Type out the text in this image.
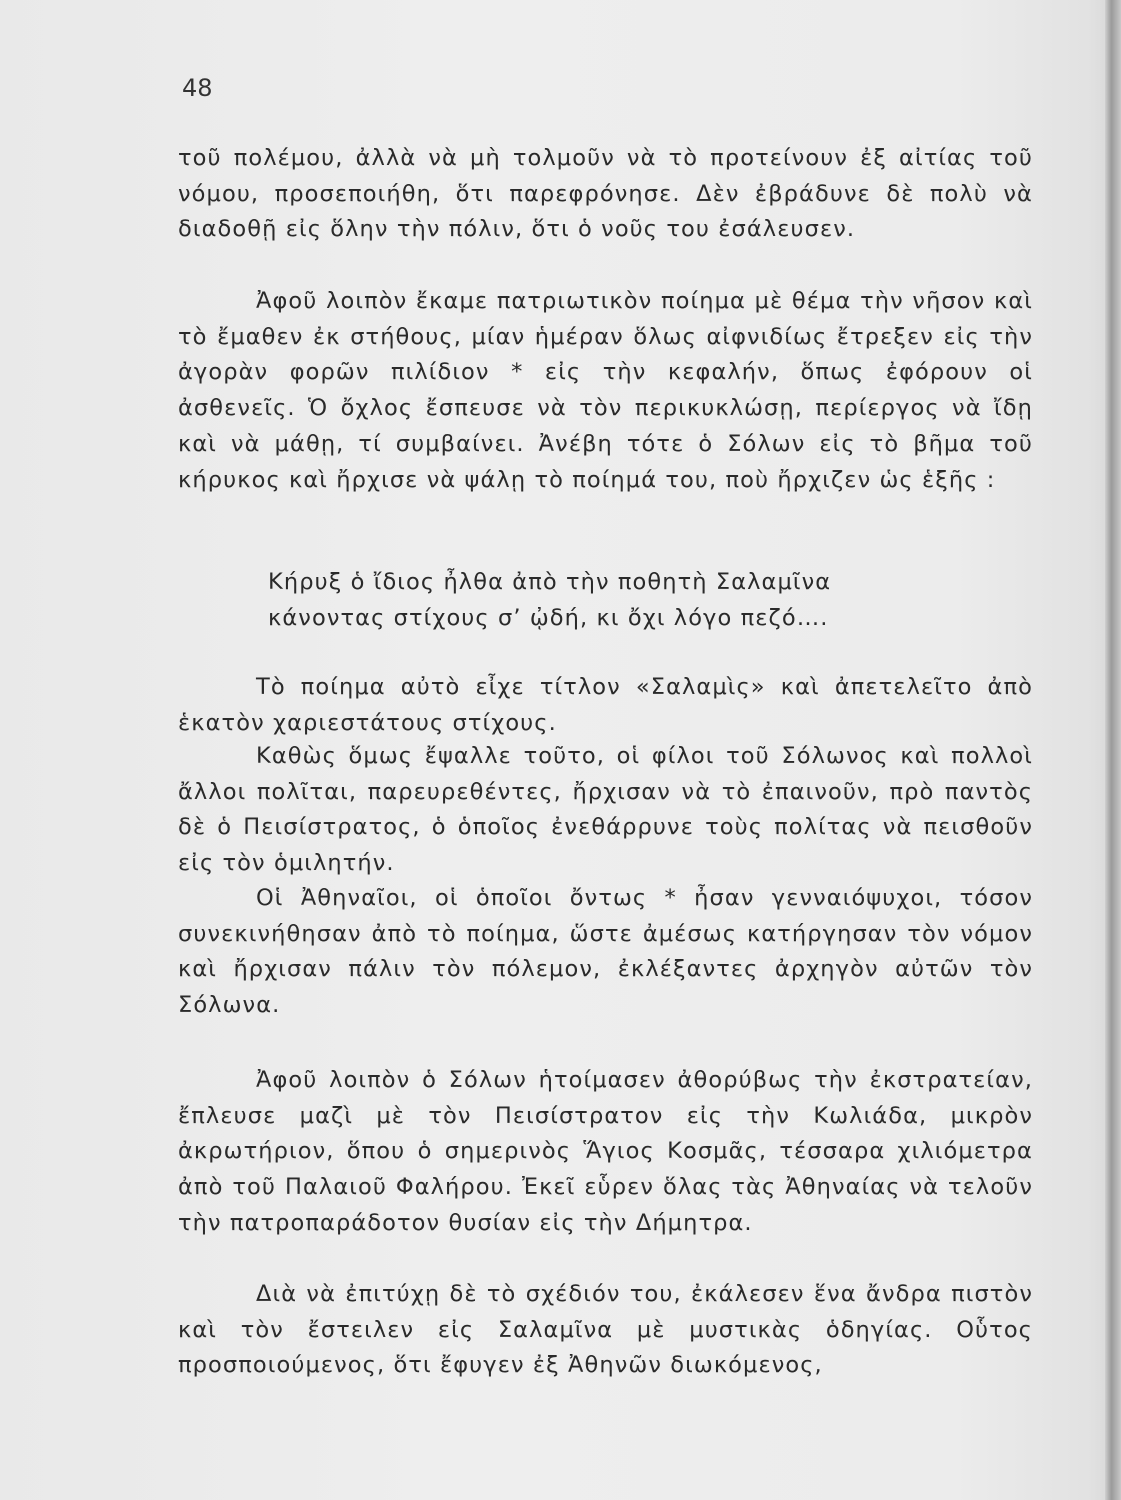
48

τοῦ πολέμου, ἀλλὰ νὰ μὴ τολμοῦν νὰ τὸ προτείνουν ἐξ αἰτίας τοῦ νόμου, προσεποιήθη, ὅτι παρεφρόνησε. Δὲν ἐβράδυνε δὲ πολὺ νὰ διαδοθῇ εἰς ὅλην τὴν πόλιν, ὅτι ὁ νοῦς του ἐσάλευσεν.

Ἀφοῦ λοιπὸν ἔκαμε πατριωτικὸν ποίημα μὲ θέμα τὴν νῆσον καὶ τὸ ἔμαθεν ἐκ στήθους, μίαν ἡμέραν ὅλως αἰφνιδίως ἔτρεξεν εἰς τὴν ἀγορὰν φορῶν πιλίδιον * εἰς τὴν κεφαλήν, ὅπως ἐφόρουν οἱ ἀσθενεῖς. Ὁ ὄχλος ἔσπευσε νὰ τὸν περικυκλώσῃ, περίεργος νὰ ἴδῃ καὶ νὰ μάθῃ, τί συμβαίνει. Ἀνέβη τότε ὁ Σόλων εἰς τὸ βῆμα τοῦ κήρυκος καὶ ἤρχισε νὰ ψάλῃ τὸ ποίημά του, ποὺ ἤρχιζεν ὡς ἑξῆς :

Κήρυξ ὁ ἴδιος ἦλθα ἀπὸ τὴν ποθητὴ Σαλαμῖνα
κάνοντας στίχους σ’ ᾠδή, κι ὄχι λόγο πεζό….

Τὸ ποίημα αὐτὸ εἶχε τίτλον «Σαλαμὶς» καὶ ἀπετελεῖτο ἀπὸ ἑκατὸν χαριεστάτους στίχους.

Καθὼς ὅμως ἔψαλλε τοῦτο, οἱ φίλοι τοῦ Σόλωνος καὶ πολλοὶ ἄλλοι πολῖται, παρευρεθέντες, ἤρχισαν νὰ τὸ ἐπαινοῦν, πρὸ παντὸς δὲ ὁ Πεισίστρατος, ὁ ὁποῖος ἐνεθάρρυνε τοὺς πολίτας νὰ πεισθοῦν εἰς τὸν ὁμιλητήν.

Οἱ Ἀθηναῖοι, οἱ ὁποῖοι ὄντως * ἦσαν γενναιόψυχοι, τόσον συνεκινήθησαν ἀπὸ τὸ ποίημα, ὥστε ἀμέσως κατήργησαν τὸν νόμον καὶ ἤρχισαν πάλιν τὸν πόλεμον, ἐκλέξαντες ἀρχηγὸν αὐτῶν τὸν Σόλωνα.

Ἀφοῦ λοιπὸν ὁ Σόλων ἡτοίμασεν ἀθορύβως τὴν ἐκστρατείαν, ἔπλευσε μαζὶ μὲ τὸν Πεισίστρατον εἰς τὴν Κωλιάδα, μικρὸν ἀκρωτήριον, ὅπου ὁ σημερινὸς Ἅγιος Κοσμᾶς, τέσσαρα χιλιόμετρα ἀπὸ τοῦ Παλαιοῦ Φαλήρου. Ἐκεῖ εὗρεν ὅλας τὰς Ἀθηναίας νὰ τελοῦν τὴν πατροπαράδοτον θυσίαν εἰς τὴν Δήμητρα.

Διὰ νὰ ἐπιτύχῃ δὲ τὸ σχέδιόν του, ἐκάλεσεν ἕνα ἄνδρα πιστὸν καὶ τὸν ἔστειλεν εἰς Σαλαμῖνα μὲ μυστικὰς ὁδηγίας. Οὗτος προσποιούμενος, ὅτι ἔφυγεν ἐξ Ἀθηνῶν διωκόμενος,
